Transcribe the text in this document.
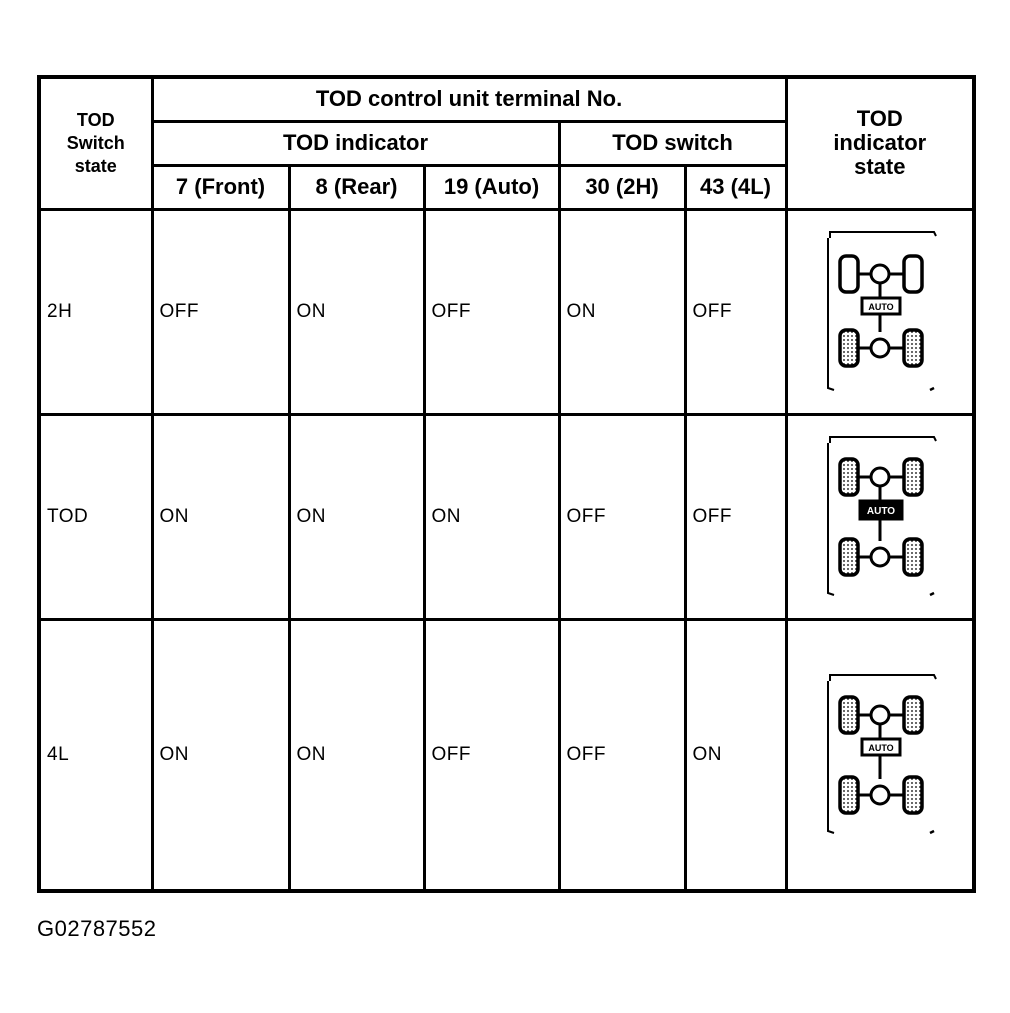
TOD Switch state	TOD control unit terminal No.					TOD indicator state
	TOD indicator			TOD switch		
	7 (Front)	8 (Rear)	19 (Auto)	30 (2H)	43 (4L)	
2H	OFF	ON	OFF	ON	OFF	AUTO

TOD	ON	ON	ON	OFF	OFF	AUTO

4L	ON	ON	OFF	OFF	ON	AUTO
G02787552
